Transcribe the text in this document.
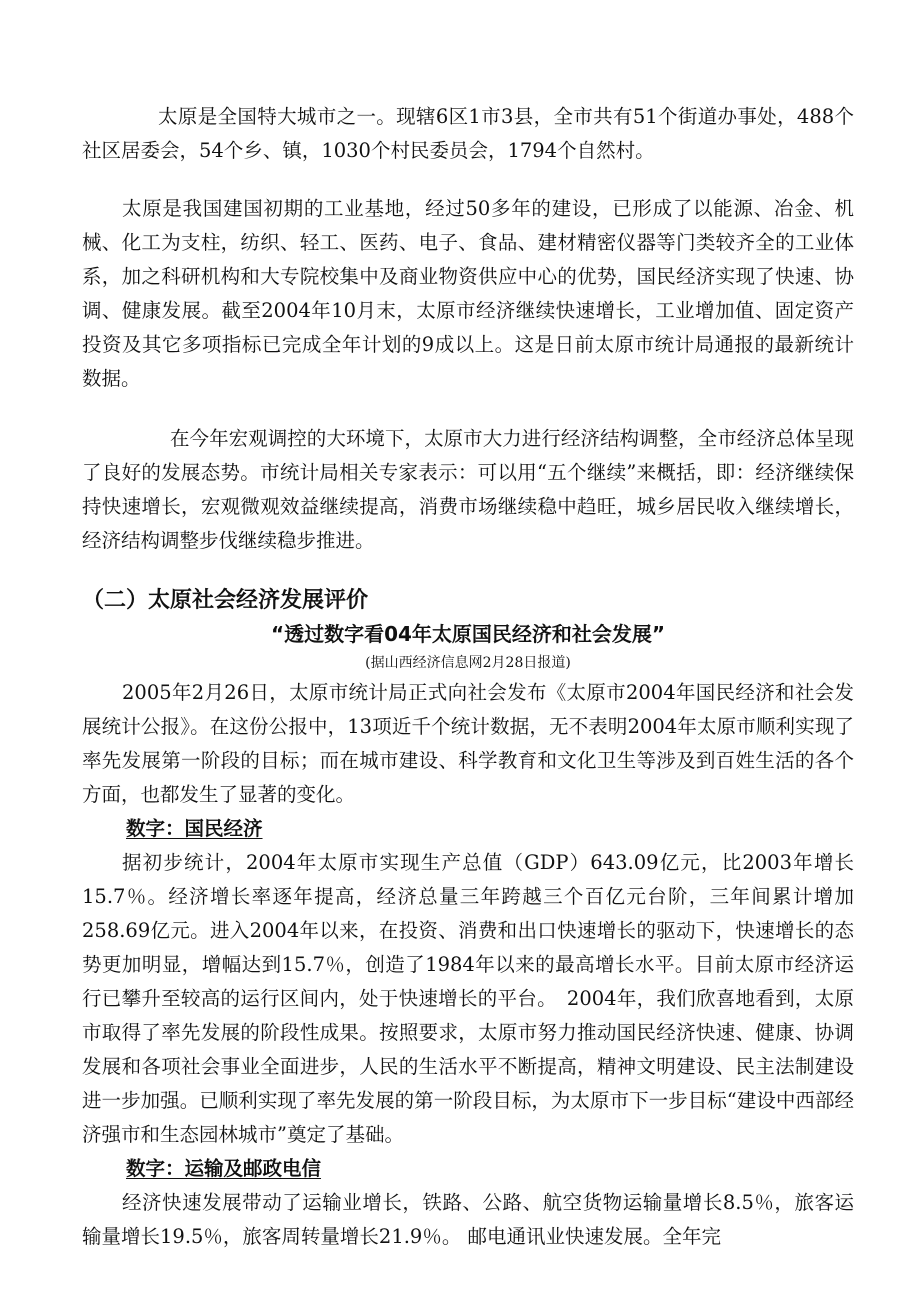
太原是全国特大城市之一。现辖6区1市3县，全市共有51个街道办事处，488个社区居委会，54个乡、镇，1030个村民委员会，1794个自然村。

太原是我国建国初期的工业基地，经过50多年的建设，已形成了以能源、冶金、机械、化工为支柱，纺织、轻工、医药、电子、食品、建材精密仪器等门类较齐全的工业体系，加之科研机构和大专院校集中及商业物资供应中心的优势，国民经济实现了快速、协调、健康发展。截至2004年10月末，太原市经济继续快速增长，工业增加值、固定资产投资及其它多项指标已完成全年计划的9成以上。这是日前太原市统计局通报的最新统计数据。

在今年宏观调控的大环境下，太原市大力进行经济结构调整，全市经济总体呈现了良好的发展态势。市统计局相关专家表示：可以用“五个继续”来概括，即：经济继续保持快速增长，宏观微观效益继续提高，消费市场继续稳中趋旺，城乡居民收入继续增长，经济结构调整步伐继续稳步推进。

（二）太原社会经济发展评价

“透过数字看04年太原国民经济和社会发展”

(据山西经济信息网2月28日报道)

2005年2月26日，太原市统计局正式向社会发布《太原市2004年国民经济和社会发展统计公报》。在这份公报中，13项近千个统计数据，无不表明2004年太原市顺利实现了率先发展第一阶段的目标；而在城市建设、科学教育和文化卫生等涉及到百姓生活的各个方面，也都发生了显著的变化。

数字：国民经济

据初步统计，2004年太原市实现生产总值（GDP）643.09亿元，比2003年增长15.7％。经济增长率逐年提高，经济总量三年跨越三个百亿元台阶，三年间累计增加258.69亿元。进入2004年以来，在投资、消费和出口快速增长的驱动下，快速增长的态势更加明显，增幅达到15.7％，创造了1984年以来的最高增长水平。目前太原市经济运行已攀升至较高的运行区间内，处于快速增长的平台。　2004年，我们欣喜地看到，太原市取得了率先发展的阶段性成果。按照要求，太原市努力推动国民经济快速、健康、协调发展和各项社会事业全面进步，人民的生活水平不断提高，精神文明建设、民主法制建设进一步加强。已顺利实现了率先发展的第一阶段目标，为太原市下一步目标“建设中西部经济强市和生态园林城市”奠定了基础。

数字：运输及邮政电信

经济快速发展带动了运输业增长，铁路、公路、航空货物运输量增长8.5％，旅客运输量增长19.5％，旅客周转量增长21.9％。 邮电通讯业快速发展。全年完
